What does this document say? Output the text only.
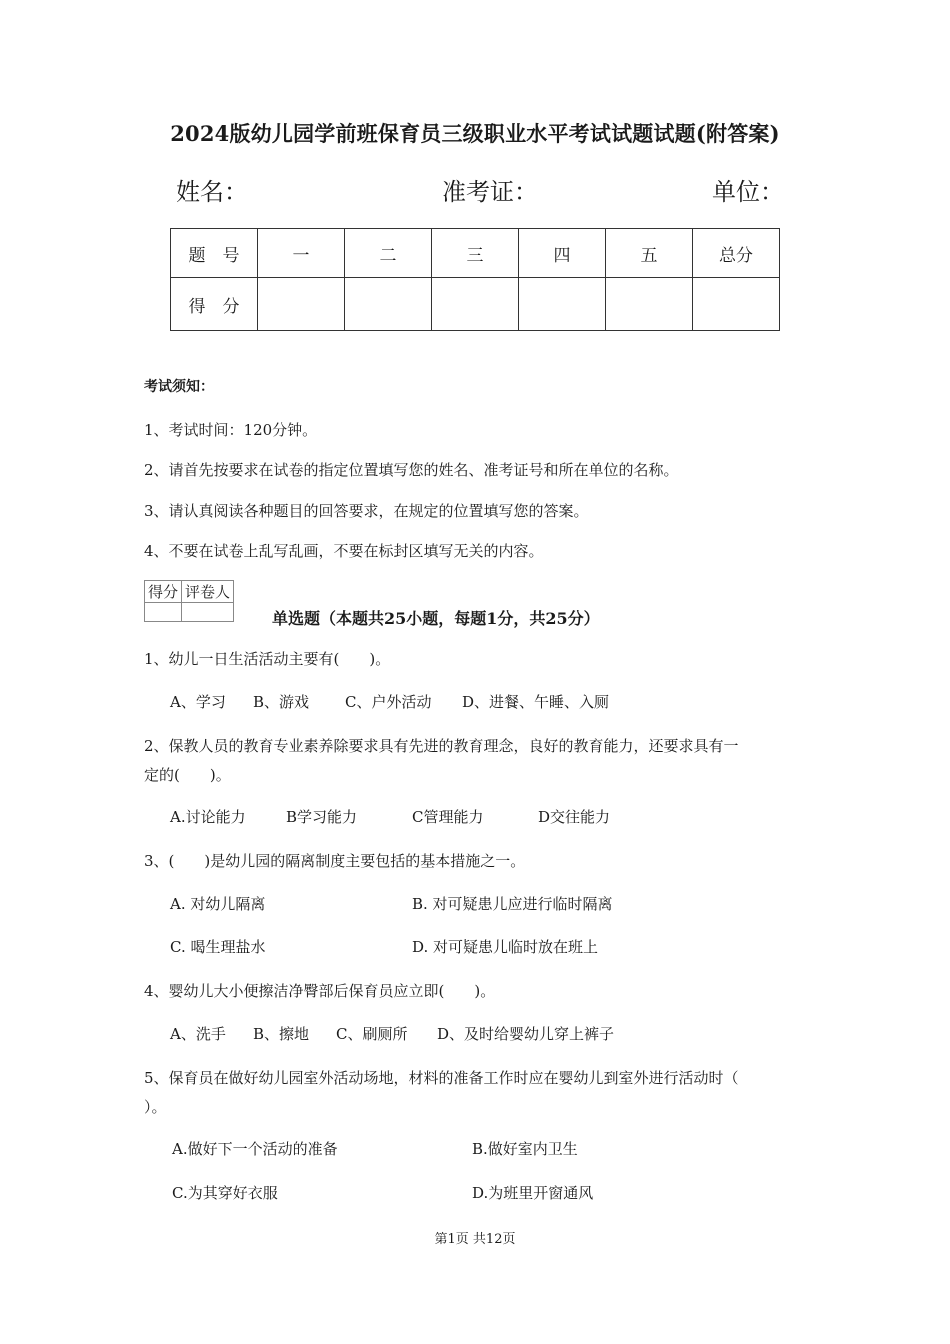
2024版幼儿园学前班保育员三级职业水平考试试题试题(附答案)
姓名：	准考证：	单位：
题　号	一	二	三	四	五	总分
得　分						
考试须知：
1、考试时间：120分钟。
2、请首先按要求在试卷的指定位置填写您的姓名、准考证号和所在单位的名称。
3、请认真阅读各种题目的回答要求，在规定的位置填写您的答案。
4、不要在试卷上乱写乱画，不要在标封区填写无关的内容。
得分	评卷人

单选题（本题共25小题，每题1分，共25分）
1、幼儿一日生活活动主要有(　　)。
A、学习 B、游戏 C、户外活动 D、进餐、午睡、入厕
2、保教人员的教育专业素养除要求具有先进的教育理念，良好的教育能力，还要求具有一
定的(　　)。
A.讨论能力	B学习能力	C管理能力	D交往能力
3、(　　)是幼儿园的隔离制度主要包括的基本措施之一。
A. 对幼儿隔离	B. 对可疑患儿应进行临时隔离
C. 喝生理盐水	D. 对可疑患儿临时放在班上
4、婴幼儿大小便擦洁净臀部后保育员应立即(　　)。
A、洗手 B、擦地 C、刷厕所 D、及时给婴幼儿穿上裤子
5、保育员在做好幼儿园室外活动场地，材料的准备工作时应在婴幼儿到室外进行活动时（
）。
A.做好下一个活动的准备	B.做好室内卫生
C.为其穿好衣服	D.为班里开窗通风
第1页 共12页
